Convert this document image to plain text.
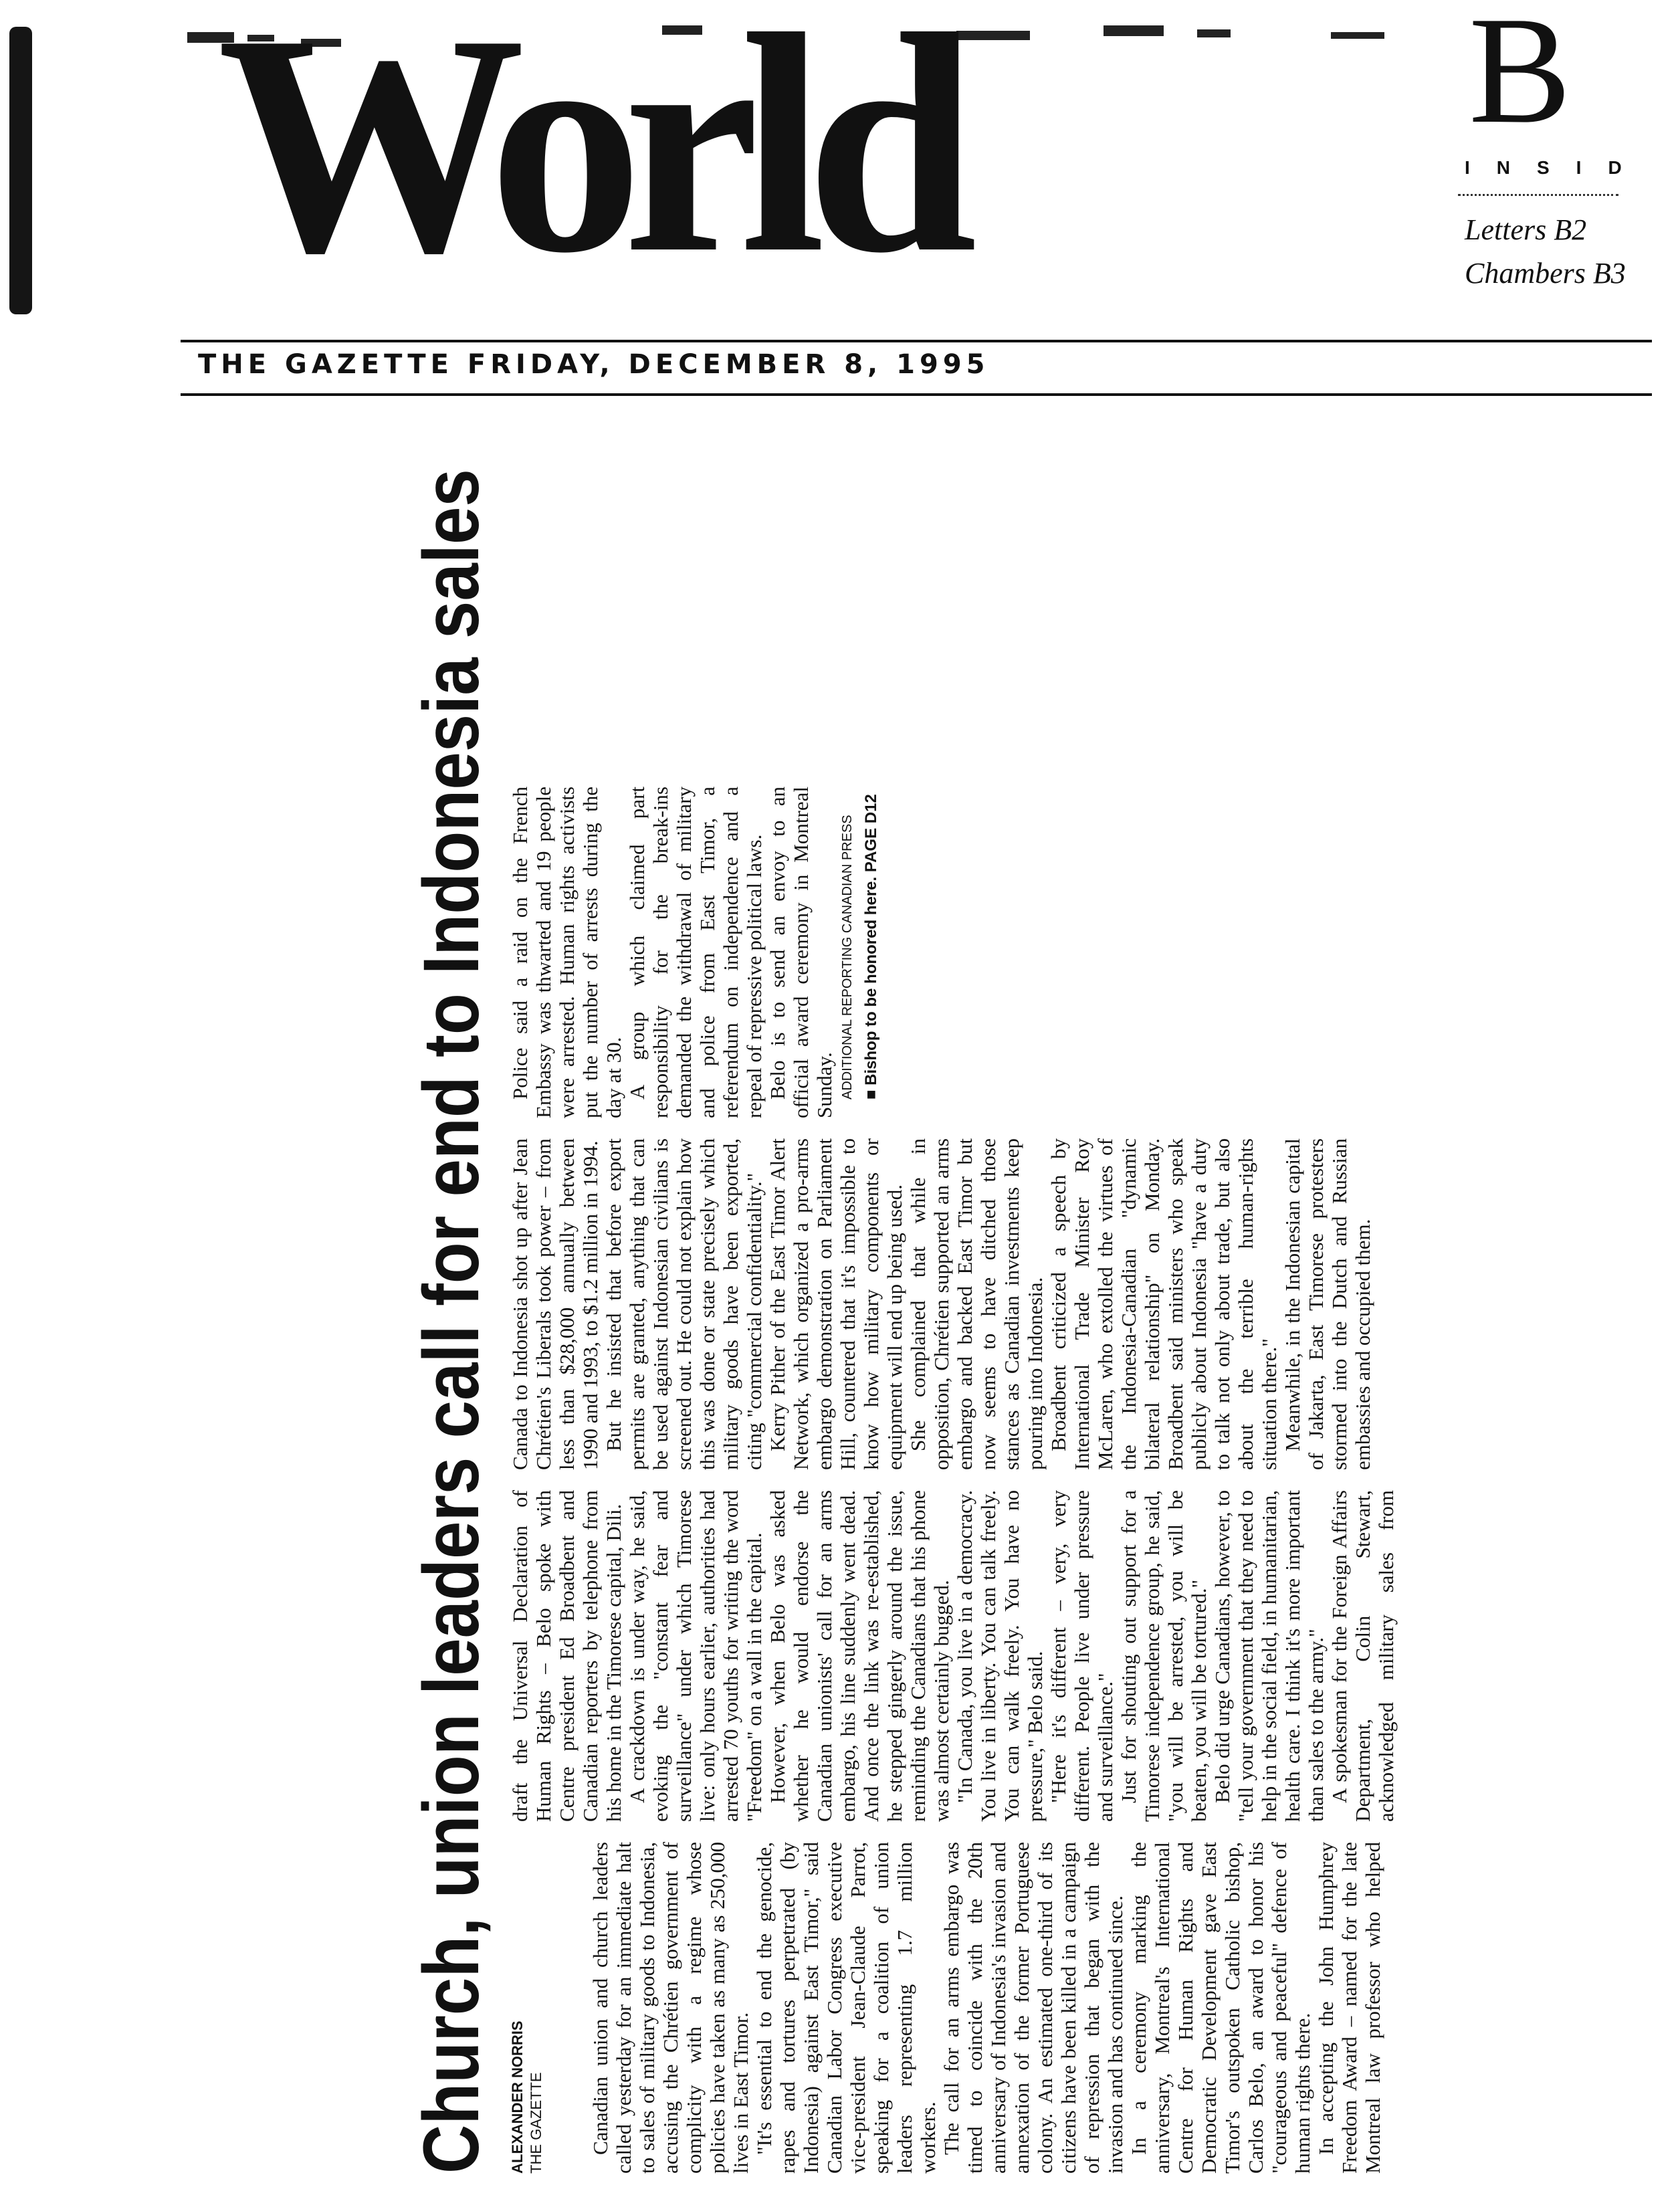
World	B
INSID
Letters B2
Chambers B3
THE GAZETTE FRIDAY, DECEMBER 8, 1995
Church, union leaders call for end to Indonesia sales ALEXANDER NORRIS THE GAZETTE Canadian union and church leaders called yesterday for an immediate halt to sales of military goods to Indonesia, accusing the Chrétien government of complicity with a regime whose policies have taken as many as 250,000 lives in East Timor. "It's essential to end the genocide, rapes and tortures perpetrated (by Indonesia) against East Timor," said Canadian Labor Congress executive vice-president Jean-Claude Parrot, speaking for a coalition of union leaders representing 1.7 million workers. The call for an arms embargo was timed to coincide with the 20th anniversary of Indonesia's invasion and annexation of the former Portuguese colony. An estimated one-third of its citizens have been killed in a campaign of repression that began with the invasion and has continued since. In a ceremony marking the anniversary, Montreal's International Centre for Human Rights and Democratic Development gave East Timor's outspoken Catholic bishop, Carlos Belo, an award to honor his "courageous and peaceful" defence of human rights there. In accepting the John Humphrey Freedom Award – named for the late Montreal law professor who helped draft the Universal Declaration of Human Rights – Belo spoke with Centre president Ed Broadbent and Canadian reporters by telephone from his home in the Timorese capital, Dili. A crackdown is under way, he said, evoking the "constant fear and surveillance" under which Timorese live: only hours earlier, authorities had arrested 70 youths for writing the word "Freedom" on a wall in the capital. However, when Belo was asked whether he would endorse the Canadian unionists' call for an arms embargo, his line suddenly went dead. And once the link was re-established, he stepped gingerly around the issue, reminding the Canadians that his phone was almost certainly bugged. "In Canada, you live in a democracy. You live in liberty. You can talk freely. You can walk freely. You have no pressure," Belo said. "Here it's different – very, very different. People live under pressure and surveillance." Just for shouting out support for a Timorese independence group, he said, "you will be arrested, you will be beaten, you will be tortured." Belo did urge Canadians, however, to "tell your government that they need to help in the social field, in humanitarian, health care. I think it's more important than sales to the army." A spokesman for the Foreign Affairs Department, Colin Stewart, acknowledged military sales from Canada to Indonesia shot up after Jean Chrétien's Liberals took power – from less than $28,000 annually between 1990 and 1993, to $1.2 million in 1994. But he insisted that before export permits are granted, anything that can be used against Indonesian civilians is screened out. He could not explain how this was done or state precisely which military goods have been exported, citing "commercial confidentiality." Kerry Pither of the East Timor Alert Network, which organized a pro-arms embargo demonstration on Parliament Hill, countered that it's impossible to know how military components or equipment will end up being used. She complained that while in opposition, Chrétien supported an arms embargo and backed East Timor but now seems to have ditched those stances as Canadian investments keep pouring into Indonesia. Broadbent criticized a speech by International Trade Minister Roy McLaren, who extolled the virtues of the Indonesia-Canadian "dynamic bilateral relationship" on Monday. Broadbent said ministers who speak publicly about Indonesia "have a duty to talk not only about trade, but also about the terrible human-rights situation there." Meanwhile, in the Indonesian capital of Jakarta, East Timorese protesters stormed into the Dutch and Russian embassies and occupied them.

Police said a raid on the French Embassy was thwarted and 19 people were arrested. Human rights activists put the number of arrests during the day at 30. A group which claimed part responsibility for the break-ins demanded the withdrawal of military and police from East Timor, a referendum on independence and a repeal of repressive political laws. Belo is to send an envoy to an official award ceremony in Montreal Sunday. ADDITIONAL REPORTING CANADIAN PRESS ■ Bishop to be honored here. PAGE D12
